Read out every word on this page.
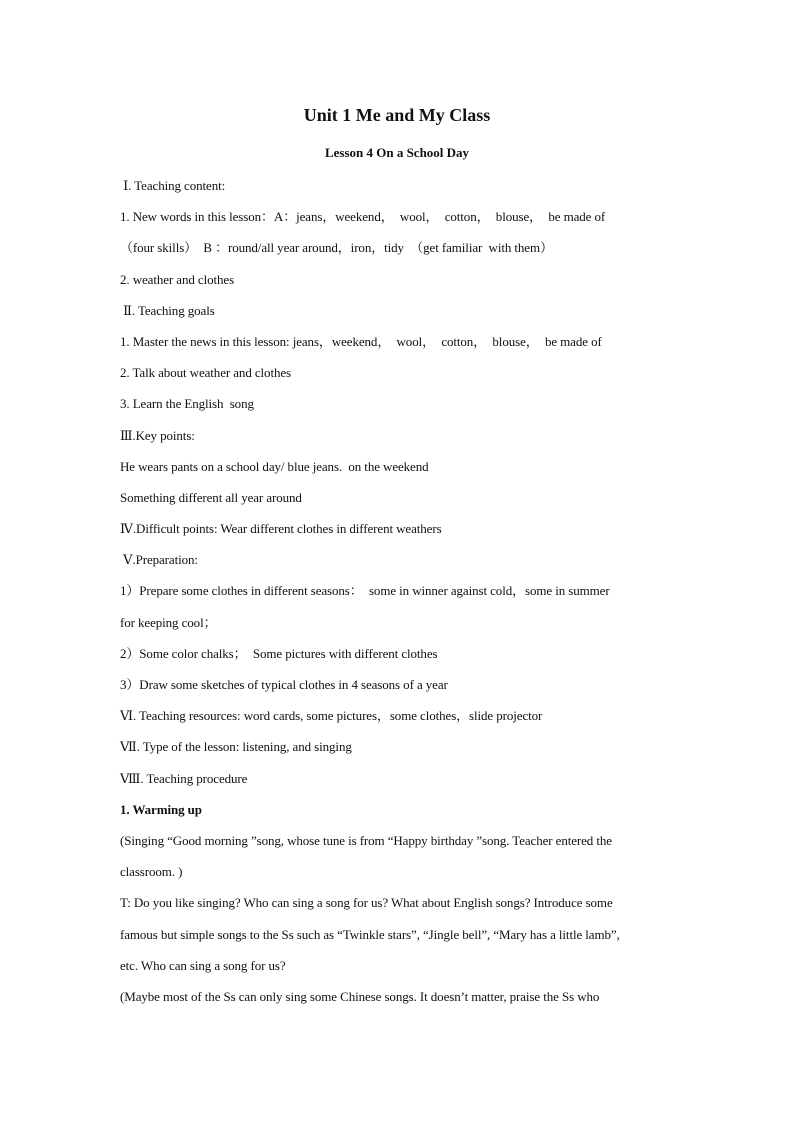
Unit 1 Me and My Class
Lesson 4 On a School Day
Ⅰ. Teaching content:
1. New words in this lesson：A：jeans，weekend，  wool，  cotton，  blouse，  be made of
（four skills）  B ：round/all year around，iron，tidy  （get familiar  with them）
2. weather and clothes
Ⅱ. Teaching goals
1. Master the news in this lesson: jeans，weekend，  wool，  cotton，  blouse，  be made of
2. Talk about weather and clothes
3. Learn the English  song
Ⅲ.Key points:
He wears pants on a school day/ blue jeans.  on the weekend
Something different all year around
Ⅳ.Difficult points: Wear different clothes in different weathers
Ⅴ.Preparation:
1）Prepare some clothes in different seasons：  some in winner against cold，some in summer
for keeping cool；
2）Some color chalks；  Some pictures with different clothes
3）Draw some sketches of typical clothes in 4 seasons of a year
Ⅵ. Teaching resources: word cards, some pictures，some clothes，slide projector
Ⅶ. Type of the lesson: listening, and singing
Ⅷ. Teaching procedure
1. Warming up
(Singing “Good morning ”song, whose tune is from “Happy birthday ”song. Teacher entered the
classroom. )
T: Do you like singing? Who can sing a song for us? What about English songs? Introduce some
famous but simple songs to the Ss such as “Twinkle stars”, “Jingle bell”, “Mary has a little lamb”,
etc. Who can sing a song for us?
(Maybe most of the Ss can only sing some Chinese songs. It doesn’t matter, praise the Ss who
